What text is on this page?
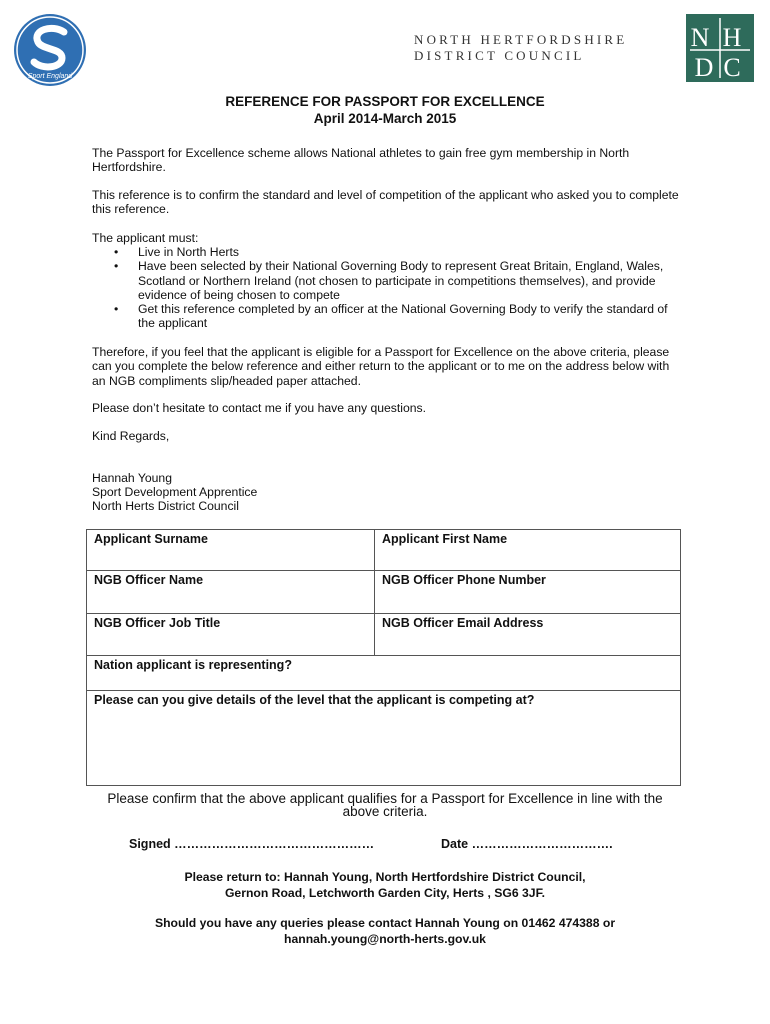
Sport England
NORTH HERTFORDSHIRE
DISTRICT COUNCIL
N H
D C
REFERENCE FOR PASSPORT FOR EXCELLENCE
April 2014-March 2015
The Passport for Excellence scheme allows National athletes to gain free gym membership in North Hertfordshire.
This reference is to confirm the standard and level of competition of the applicant who asked you to complete this reference.
The applicant must:
• Live in North Herts
• Have been selected by their National Governing Body to represent Great Britain, England, Wales, Scotland or Northern Ireland (not chosen to participate in competitions themselves), and provide evidence of being chosen to compete
• Get this reference completed by an officer at the National Governing Body to verify the standard of the applicant
Therefore, if you feel that the applicant is eligible for a Passport for Excellence on the above criteria, please can you complete the below reference and either return to the applicant or to me on the address below with an NGB compliments slip/headed paper attached.
Please don’t hesitate to contact me if you have any questions.
Kind Regards,
Hannah Young
Sport Development Apprentice
North Herts District Council
Applicant Surname	Applicant First Name
NGB Officer Name	NGB Officer Phone Number
NGB Officer Job Title	NGB Officer Email Address
Nation applicant is representing?	
Please can you give details of the level that the applicant is competing at?	
Please confirm that the above applicant qualifies for a Passport for Excellence in line with the above criteria.
Signed …………………………………………	Date …………………………….
Please return to: Hannah Young, North Hertfordshire District Council,
Gernon Road, Letchworth Garden City, Herts , SG6 3JF.
Should you have any queries please contact Hannah Young on 01462 474388 or
hannah.young@north-herts.gov.uk
